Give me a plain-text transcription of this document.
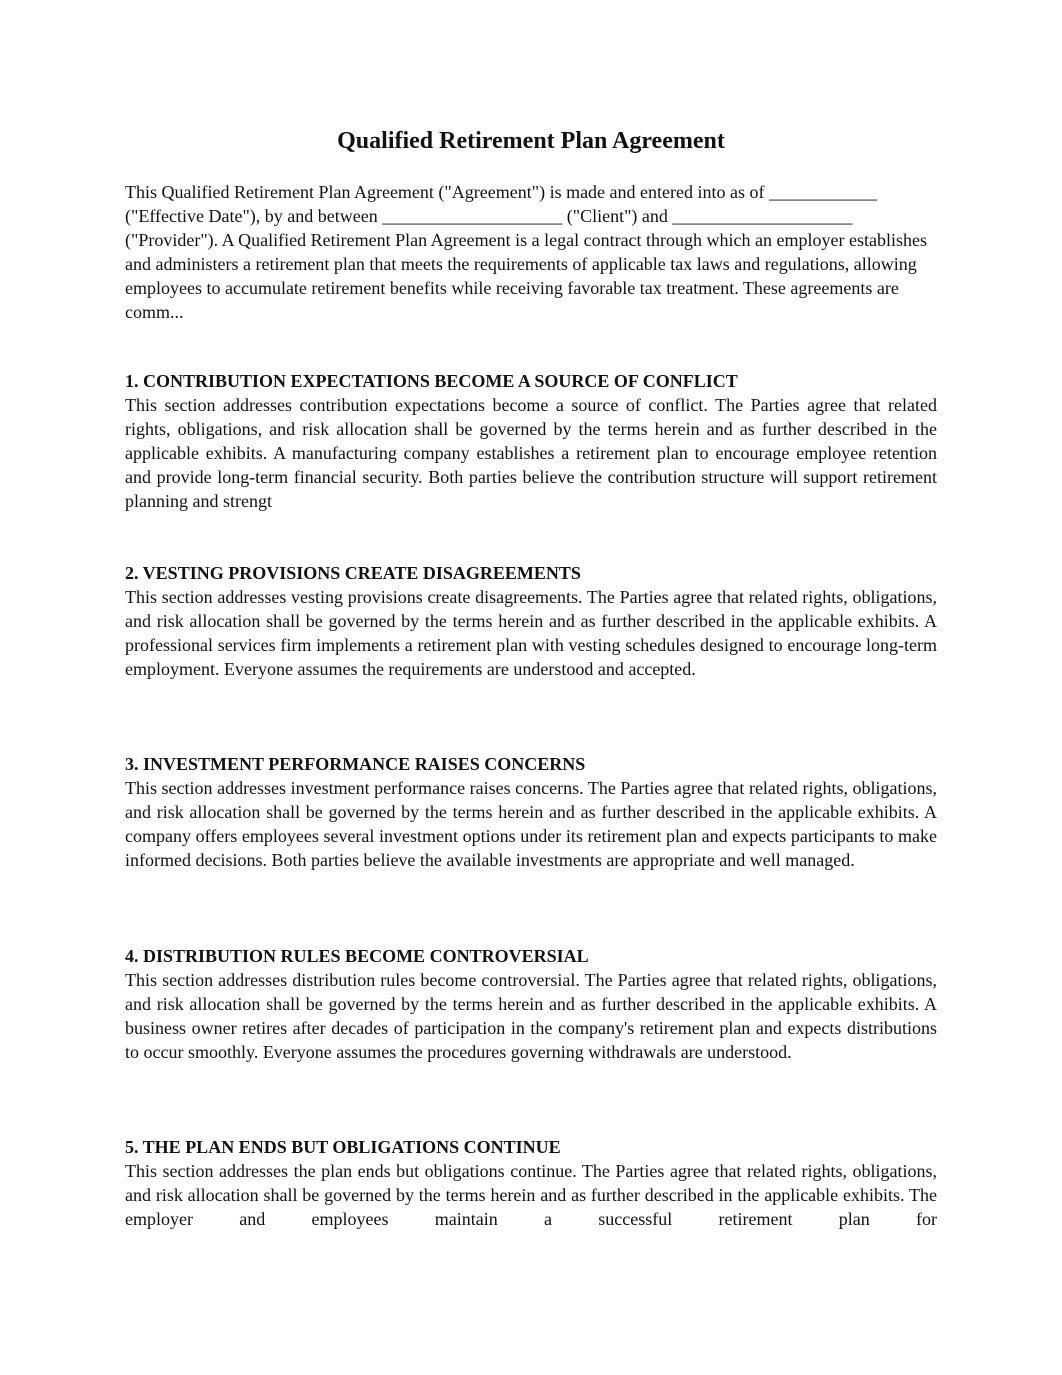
Qualified Retirement Plan Agreement

This Qualified Retirement Plan Agreement ("Agreement") is made and entered into as of ____________ ("Effective Date"), by and between ____________________ ("Client") and ____________________ ("Provider"). A Qualified Retirement Plan Agreement is a legal contract through which an employer establishes and administers a retirement plan that meets the requirements of applicable tax laws and regulations, allowing employees to accumulate retirement benefits while receiving favorable tax treatment. These agreements are comm...

1. CONTRIBUTION EXPECTATIONS BECOME A SOURCE OF CONFLICT

This section addresses contribution expectations become a source of conflict. The Parties agree that related rights, obligations, and risk allocation shall be governed by the terms herein and as further described in the applicable exhibits. A manufacturing company establishes a retirement plan to encourage employee retention and provide long-term financial security. Both parties believe the contribution structure will support retirement planning and strengt

2. VESTING PROVISIONS CREATE DISAGREEMENTS

This section addresses vesting provisions create disagreements. The Parties agree that related rights, obligations, and risk allocation shall be governed by the terms herein and as further described in the applicable exhibits. A professional services firm implements a retirement plan with vesting schedules designed to encourage long-term employment. Everyone assumes the requirements are understood and accepted.

3. INVESTMENT PERFORMANCE RAISES CONCERNS

This section addresses investment performance raises concerns. The Parties agree that related rights, obligations, and risk allocation shall be governed by the terms herein and as further described in the applicable exhibits. A company offers employees several investment options under its retirement plan and expects participants to make informed decisions. Both parties believe the available investments are appropriate and well managed.

4. DISTRIBUTION RULES BECOME CONTROVERSIAL

This section addresses distribution rules become controversial. The Parties agree that related rights, obligations, and risk allocation shall be governed by the terms herein and as further described in the applicable exhibits. A business owner retires after decades of participation in the company's retirement plan and expects distributions to occur smoothly. Everyone assumes the procedures governing withdrawals are understood.

5. THE PLAN ENDS BUT OBLIGATIONS CONTINUE

This section addresses the plan ends but obligations continue. The Parties agree that related rights, obligations, and risk allocation shall be governed by the terms herein and as further described in the applicable exhibits. The employer and employees maintain a successful retirement plan for
